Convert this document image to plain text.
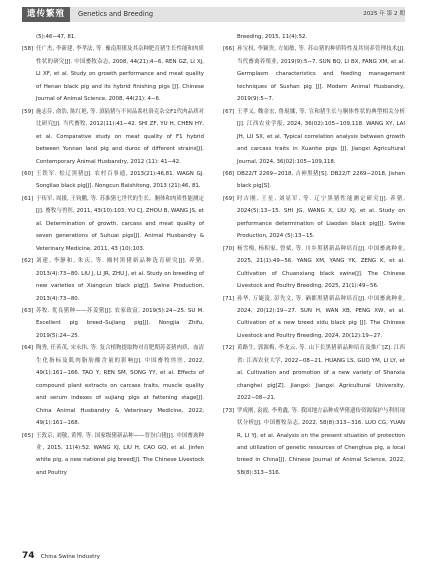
遗传繁殖	Genetics and Breeding	2025 年 第 2 期
(5):46−47, 81.
[58] 任广杰, 李新建, 李孝法, 等. 豫南黑猪及其杂种肥育猪生长性能和肉质性状的研究[J]. 中国畜牧杂志, 2008, 44(21):4−6. REN GZ, LI XJ, LI XF, et al. Study on growth performance and meat quality of Henan black pig and its hybrid finishing pigs [J]. Chinese Journal of Animal Science, 2008, 44(21): 4−6.
[59] 施志芬, 俞浩, 陈红艳, 等. 滇陆猪与不同品系杜洛克杂交F1代肉品质对比研究[J]. 当代畜牧, 2012(11):41−42. SHI ZF, YU H, CHEN HY, et al. Comparative study on meat quality of F1 hybrid between Yunnan land pig and duroc of different strains[J]. Contemporary Animal Husbandry, 2012 (11): 41−42.
[60] 王铁军. 松辽黑猪[J]. 农村百事通, 2013(21):46,81. WAGN GJ. Songliao black pig[J]. Nongcun Baishitong, 2013 (21):46, 81.
[61] 于传军, 周援, 王钧鹏, 等. 苏淮猪七世代的生长、胴体和肉质性能测定[J]. 畜牧与兽医, 2011, 43(10):103. YU CJ, ZHOU B, WANG JS, et al. Determination of growth, carcass and meat quality of seven generations of Suhuai pigs[J]. Animal Husbandry & Veterinary Medicine, 2011, 43 (10):103.
[62] 刘建, 李静和, 朱庆, 等. 湘村黑猪新品种选育研究[J]. 养猪, 2013(4):73−80. LIU J, LI JR, ZHU J, et al. Study on breeding of new varieties of Xiangcun black pig[J]. Swine Production, 2013(4):73−80.
[63] 苏牧. 优良猪种——苏姜猪[J]. 农家致富, 2019(5):24−25. SU M. Excellent pig breed–Sujiang pig[J]. Nongjia Zhifu, 2019(5):24−25.
[64] 陶秀, 任善茂, 宋永伟, 等. 复合植物提取物对育肥期苏姜猪肉质、血清生化指标及肌肉脂肪酸含量的影响[J]. 中国畜牧兽医, 2022, 49(1):161−166. TAO Y, REN SM, SONG YY, et al. Effects of compound plant extracts on carcass traits, muscle quality and serum indexes of sujiang pigs at fattening stage[J]. China Animal Husbandry & Veterinary Medicine, 2022, 49(1):161−168.
[65] 王敦京, 刘敬, 黄博, 等. 国家级猪新品种——晋汾白猪[J]. 中国畜禽种业, 2015, 11(4):52. WANG XJ, LIU H, CAO GQ, et al. Jinfen white pig, a new national pig breed[J]. The Chinese Livestock and Poultry
Breeding, 2015, 11(4):52.
[66] 孙宝权, 李颖贵, 方娟敏, 等. 苏山猪的种质特性及其饲养管理技术[J]. 当代畜禽养殖业, 2019(9):5−7. SUN BQ, LI BX, FANG XM, et al. Germplasm characteristics and feeding management techniques of Sushan pig [J]. Modern Animal Husbandry, 2019(9):5−7.
[67] 王孝义, 魏金宏, 鲁琨娜, 等. 宣和猪生长与胴体性状的典型相关分析[J]. 江西农业学报, 2024, 36(02):105−109,118. WANG XY, LAI JH, LU SX, et al. Typical correlation analysis between growth and carcass traits in Xuanhe pigs [J]. Jiangxi Agricultural Journal, 2024, 36(02):105−109,118.
[68] DB22/T 2269−2018, 吉神黑猪[S]. DB22/T 2269−2018, Jishen black pig[S].
[69] 时吉刚, 王星, 刘显军, 等. 辽宁黑猪性能测定研究[J]. 养猪, 2024(5):13−15. SHI JG, WANG X, LIU XJ, et al. Study on performance determination of Liaodan black pig[J]. Swine Production, 2024 (5):13−15.
[70] 杨雪梅, 杨积家, 曾斌, 等. 川乡黑猪新品种培育[J]. 中国畜禽种业, 2025, 21(1):49−56. YANG XM, YANG YK, ZENG K, et al. Cultivation of Chuanxiang black swine[J]. The Chinese Livestock and Poultry Breeding, 2025, 21(1):49−56.
[71] 孙华, 万婕淩, 彭先文, 等. 硒都黑猪新品种培育[J]. 中国畜禽种业, 2024, 20(12):19−27. SUN H, WAN XB, PENG XW, et al. Cultivation of a new breed xidu black pig [J]. The Chinese Livestock and Poultry Breeding, 2024, 20(12):19−27.
[72] 黄路生, 郭源梅, 李龙云, 等. 山下长黑猪新品种培育及推广[Z]. 江西省: 江西农业大学, 2022−08−21. HUANG LS, GUO YM, LI LY, et al. Cultivation and promotion of a new variety of Shanxia changhei pig[Z]. Jiangxi: Jiangxi Agricultural University, 2022−08−21.
[73] 罗成刚, 袁霞, 李勇鑫, 等. 我国地方品种成华猪遗传资源保护与利用现状分析[J]. 中国畜牧杂志, 2022, 58(8):313−316. LUO CG, YUAN R, LI YJ, et al. Analysis on the present situation of protection and utilization of genetic resources of Chenghua pig, a local breed in China[J]. Chinese Journal of Animal Science, 2022, 58(8):313−316.
74 China Swine Industry
